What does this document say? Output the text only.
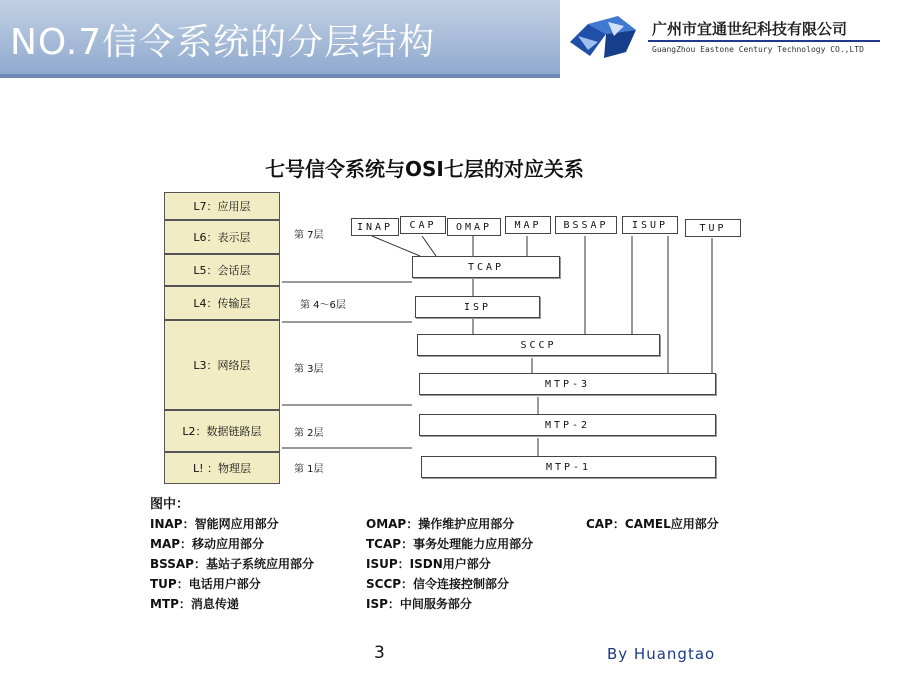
NO.7信令系统的分层结构	广州市宜通世纪科技有限公司
GuangZhou Eastone Century Technology CO.,LTD
七号信令系统与OSI七层的对应关系
L7：应用层
L6：表示层
L5：会话层
L4：传输层
L3：网络层
L2：数据链路层
L! ：物理层
第 7层
第 4～6层
第 3层
第 2层
第 1层
INAP	CAP	OMAP	MAP	BSSAP	ISUP	TUP
TCAP
ISP
SCCP
MTP-3
MTP-2
MTP-1
图中：
INAP：智能网应用部分	OMAP：操作维护应用部分	CAP：CAMEL应用部分
MAP：移动应用部分	TCAP：事务处理能力应用部分
BSSAP：基站子系统应用部分	ISUP：ISDN用户部分
TUP：电话用户部分	SCCP：信令连接控制部分
MTP：消息传递	ISP：中间服务部分
3	By Huangtao
